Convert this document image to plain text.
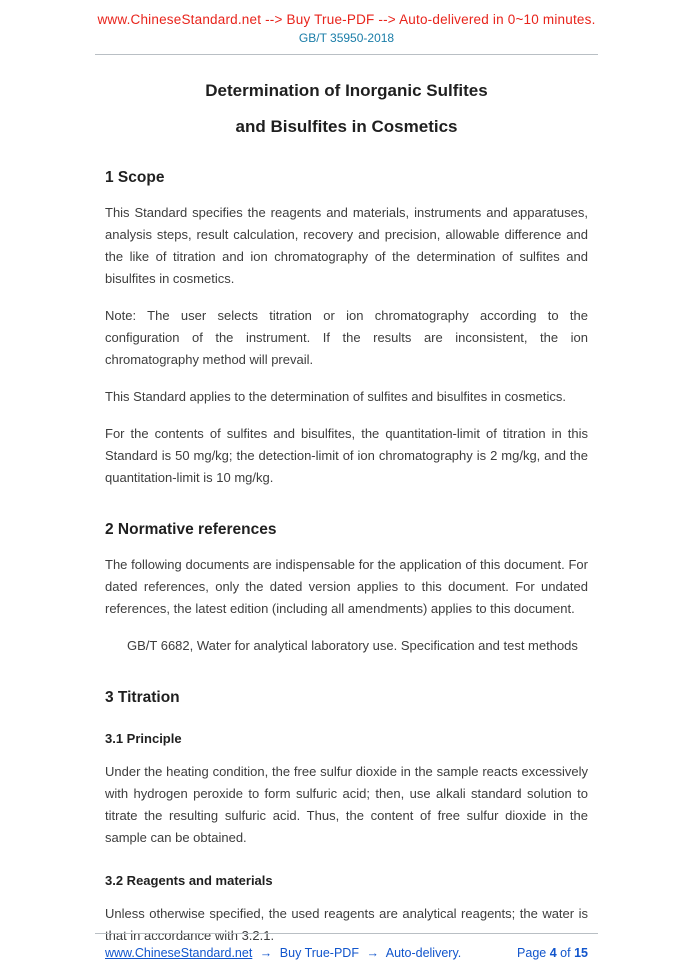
www.ChineseStandard.net --> Buy True-PDF --> Auto-delivered in 0~10 minutes.
GB/T 35950-2018
Determination of Inorganic Sulfites
and Bisulfites in Cosmetics
1 Scope
This Standard specifies the reagents and materials, instruments and apparatuses, analysis steps, result calculation, recovery and precision, allowable difference and the like of titration and ion chromatography of the determination of sulfites and bisulfites in cosmetics.
Note: The user selects titration or ion chromatography according to the configuration of the instrument. If the results are inconsistent, the ion chromatography method will prevail.
This Standard applies to the determination of sulfites and bisulfites in cosmetics.
For the contents of sulfites and bisulfites, the quantitation-limit of titration in this Standard is 50 mg/kg; the detection-limit of ion chromatography is 2 mg/kg, and the quantitation-limit is 10 mg/kg.
2 Normative references
The following documents are indispensable for the application of this document. For dated references, only the dated version applies to this document. For undated references, the latest edition (including all amendments) applies to this document.
GB/T 6682, Water for analytical laboratory use. Specification and test methods
3 Titration
3.1 Principle
Under the heating condition, the free sulfur dioxide in the sample reacts excessively with hydrogen peroxide to form sulfuric acid; then, use alkali standard solution to titrate the resulting sulfuric acid. Thus, the content of free sulfur dioxide in the sample can be obtained.
3.2 Reagents and materials
Unless otherwise specified, the used reagents are analytical reagents; the water is that in accordance with 3.2.1.
www.ChineseStandard.net → Buy True-PDF → Auto-delivery.	Page 4 of 15
